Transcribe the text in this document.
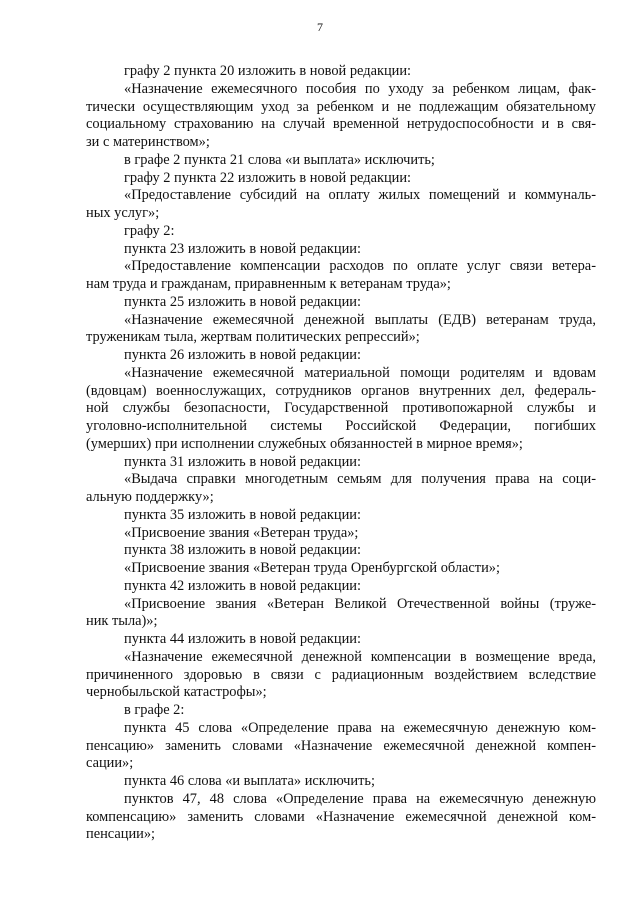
7
графу 2 пункта 20 изложить в новой редакции:
«Назначение ежемесячного пособия по уходу за ребенком лицам, фак-
тически осуществляющим уход за ребенком и не подлежащим обязательному
социальному страхованию на случай временной нетрудоспособности и в свя-
зи с материнством»;
в графе 2 пункта 21 слова «и выплата» исключить;
графу 2 пункта 22 изложить в новой редакции:
«Предоставление субсидий на оплату жилых помещений и коммуналь-
ных услуг»;
графу 2:
пункта 23 изложить в новой редакции:
«Предоставление компенсации расходов по оплате услуг связи ветера-
нам труда и гражданам, приравненным к ветеранам труда»;
пункта 25 изложить в новой редакции:
«Назначение ежемесячной денежной выплаты (ЕДВ) ветеранам труда,
труженикам тыла, жертвам политических репрессий»;
пункта 26 изложить в новой редакции:
«Назначение ежемесячной материальной помощи родителям и вдовам
(вдовцам) военнослужащих, сотрудников органов внутренних дел, федераль-
ной службы безопасности, Государственной противопожарной службы и
уголовно-исполнительной системы Российской Федерации, погибших
(умерших) при исполнении служебных обязанностей в мирное время»;
пункта 31 изложить в новой редакции:
«Выдача справки многодетным семьям для получения права на соци-
альную поддержку»;
пункта 35 изложить в новой редакции:
«Присвоение звания «Ветеран труда»;
пункта 38 изложить в новой редакции:
«Присвоение звания «Ветеран труда Оренбургской области»;
пункта 42 изложить в новой редакции:
«Присвоение звания «Ветеран Великой Отечественной войны (труже-
ник тыла)»;
пункта 44 изложить в новой редакции:
«Назначение ежемесячной денежной компенсации в возмещение вреда,
причиненного здоровью в связи с радиационным воздействием вследствие
чернобыльской катастрофы»;
в графе 2:
пункта 45 слова «Определение права на ежемесячную денежную ком-
пенсацию» заменить словами «Назначение ежемесячной денежной компен-
сации»;
пункта 46 слова «и выплата» исключить;
пунктов 47, 48 слова «Определение права на ежемесячную денежную
компенсацию» заменить словами «Назначение ежемесячной денежной ком-
пенсации»;
